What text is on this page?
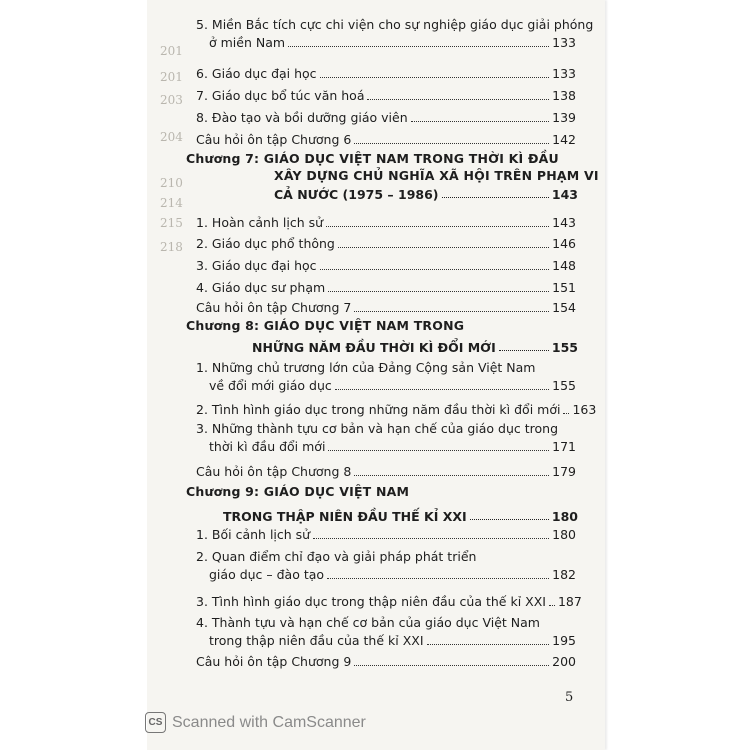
201
201
203
204
210
214
215
218
5. Miền Bắc tích cực chi viện cho sự nghiệp giáo dục giải phóng
ở miền Nam	133
6. Giáo dục đại học	133
7. Giáo dục bổ túc văn hoá	138
8. Đào tạo và bồi dưỡng giáo viên	139
Câu hỏi ôn tập Chương 6	142
Chương 7: GIÁO DỤC VIỆT NAM TRONG THỜI KÌ ĐẦU
XÂY DỰNG CHỦ NGHĨA XÃ HỘI TRÊN PHẠM VI
CẢ NƯỚC (1975 – 1986)	143
1. Hoàn cảnh lịch sử	143
2. Giáo dục phổ thông	146
3. Giáo dục đại học	148
4. Giáo dục sư phạm	151
Câu hỏi ôn tập Chương 7	154
Chương 8: GIÁO DỤC VIỆT NAM TRONG
NHỮNG NĂM ĐẦU THỜI KÌ ĐỔI MỚI	155
1. Những chủ trương lớn của Đảng Cộng sản Việt Nam
về đổi mới giáo dục	155
2. Tình hình giáo dục trong những năm đầu thời kì đổi mới 163
3. Những thành tựu cơ bản và hạn chế của giáo dục trong
thời kì đầu đổi mới	171
Câu hỏi ôn tập Chương 8	179
Chương 9: GIÁO DỤC VIỆT NAM
TRONG THẬP NIÊN ĐẦU THẾ KỈ XXI	180
1. Bối cảnh lịch sử	180
2. Quan điểm chỉ đạo và giải pháp phát triển
giáo dục – đào tạo	182
3. Tình hình giáo dục trong thập niên đầu của thế kỉ XXI 187
4. Thành tựu và hạn chế cơ bản của giáo dục Việt Nam
trong thập niên đầu của thế kỉ XXI	195
Câu hỏi ôn tập Chương 9	200
5
CS Scanned with CamScanner
